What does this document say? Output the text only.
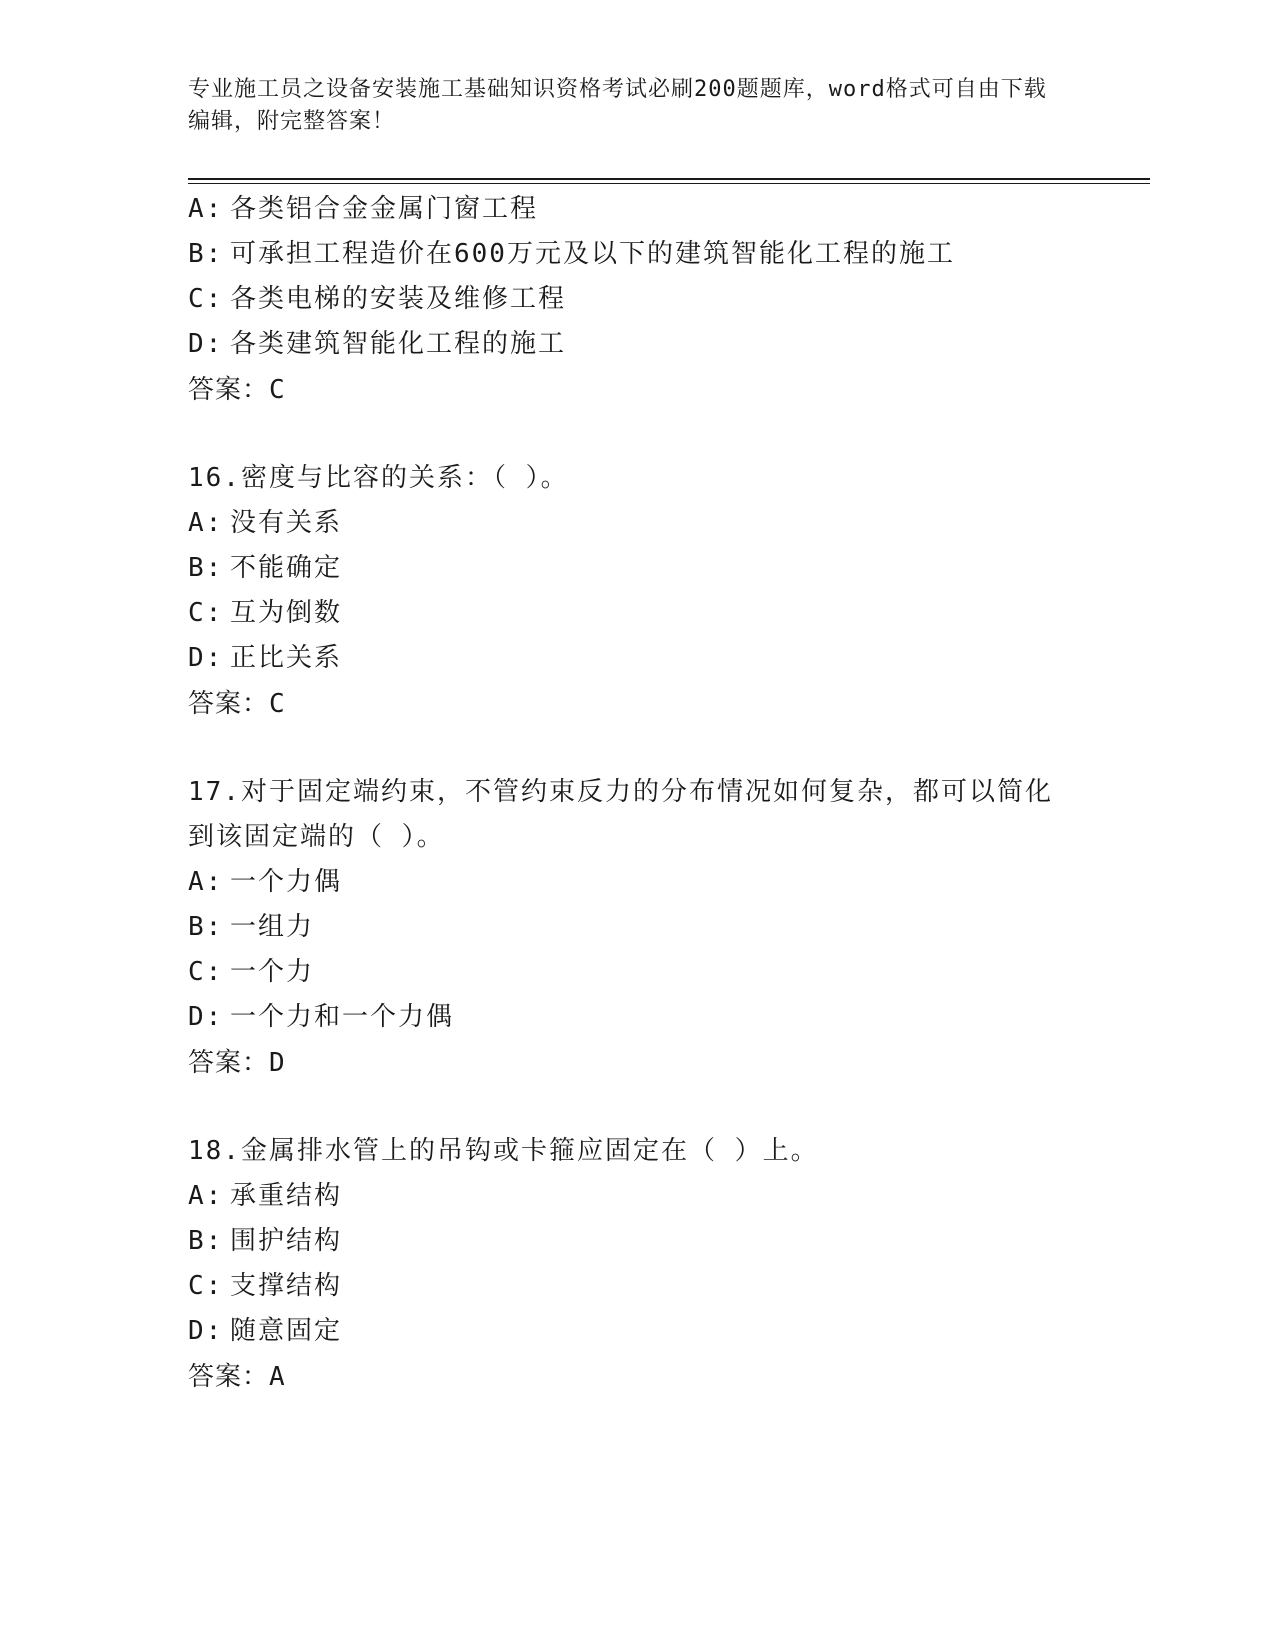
专业施工员之设备安装施工基础知识资格考试必刷200题题库，word格式可自由下载编辑，附完整答案！
A: 各类铝合金金属门窗工程
B: 可承担工程造价在600万元及以下的建筑智能化工程的施工
C: 各类电梯的安装及维修工程
D: 各类建筑智能化工程的施工
答案：C
16.密度与比容的关系：（ ）。
A: 没有关系
B: 不能确定
C: 互为倒数
D: 正比关系
答案：C
17.对于固定端约束，不管约束反力的分布情况如何复杂，都可以简化
到该固定端的（ ）。
A: 一个力偶
B: 一组力
C: 一个力
D: 一个力和一个力偶
答案：D
18.金属排水管上的吊钩或卡箍应固定在（ ）上。
A: 承重结构
B: 围护结构
C: 支撑结构
D: 随意固定
答案：A
